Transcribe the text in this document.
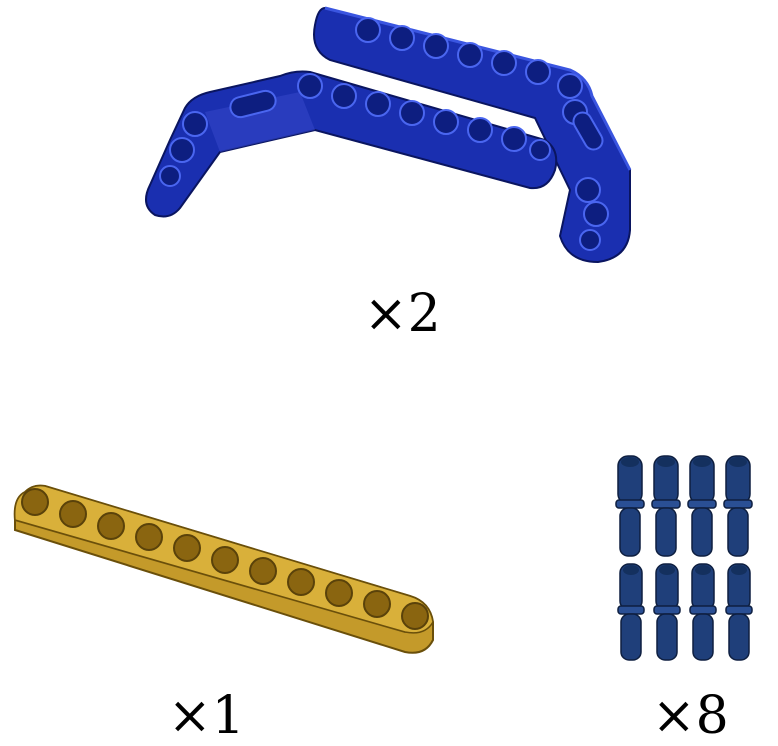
×2
×1	×8
